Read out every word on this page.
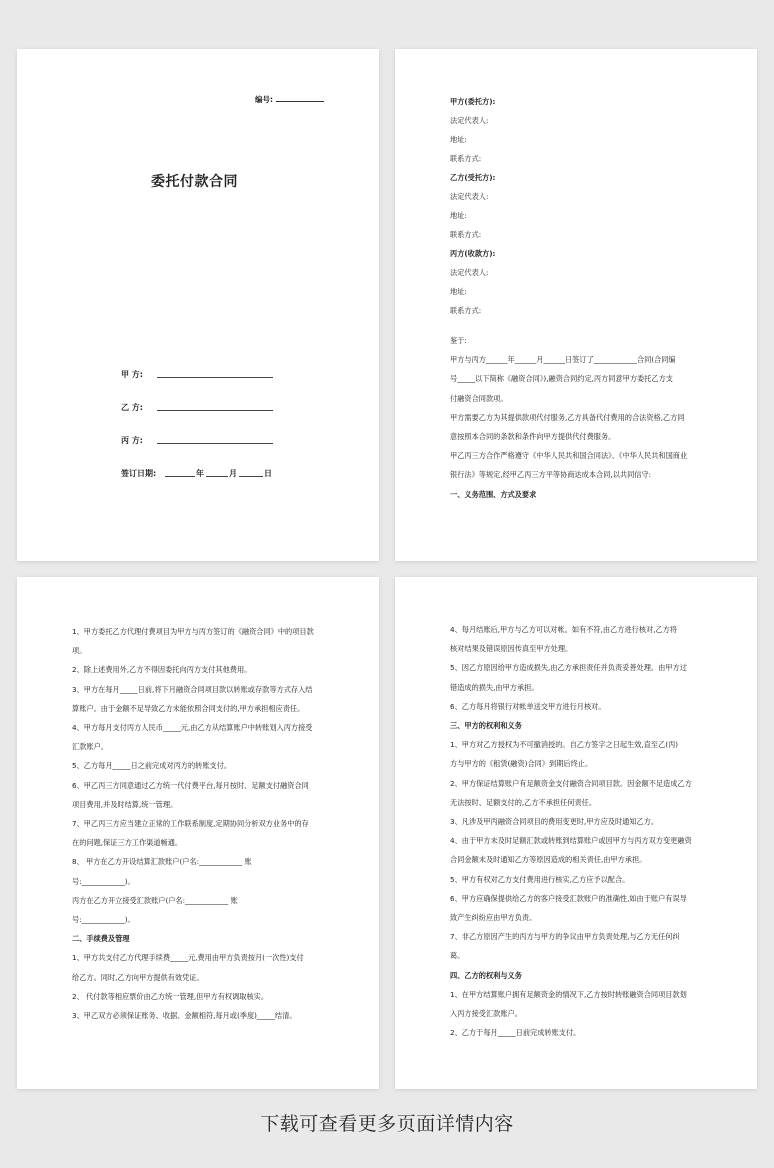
编号:
委托付款合同
甲 方:
乙 方:
丙 方:
签订日期:	年	月	日
甲方(委托方):
法定代表人:
地址:
联系方式:
乙方(受托方):
法定代表人:
地址:
联系方式:
丙方(收款方):
法定代表人:
地址:
联系方式:
鉴于:
甲方与丙方______年______月______日签订了____________合同(合同编
号_____以下简称《融资合同》),融资合同约定,丙方同意甲方委托乙方支
付融资合同款项。
甲方需要乙方为其提供款项代付服务,乙方具备代付费用的合法资格,乙方同
意按照本合同的条款和条件向甲方提供代付费服务。
甲乙丙三方合作严格遵守《中华人民共和国合同法》、《中华人民共和国商业
银行法》等规定,经甲乙丙三方平等协商达成本合同,以共同信守:
一、义务范围、方式及要求
1、甲方委托乙方代理付费项目为甲方与丙方签订的《融资合同》中的项目款
项。
2、除上述费用外,乙方不得因委托向丙方支付其他费用。
3、甲方在每月_____日前,将下月融资合同项目款以转账或存款等方式存入结
算账户。由于金额不足导致乙方未能依照合同支付的,甲方承担相应责任。
4、甲方每月支付丙方人民币_____元,由乙方从结算账户中转账划入丙方接受
汇款账户。
5、乙方每月_____日之前完成对丙方的转账支付。
6、甲乙丙三方同意通过乙方统一代付费平台,每月按时、足额支付融资合同
项目费用,并及时结算,统一管理。
7、甲乙丙三方应当建立正常的工作联系制度,定期协同分析双方业务中的存
在的问题,保证三方工作渠道畅通。
8、 甲方在乙方开设结算汇款账户(户名:____________ 账
号:____________)。
丙方在乙方开立接受汇款账户(户名:____________ 账
号:____________)。
二、手续费及管理
1、甲方共支付乙方代理手续费_____元,费用由甲方负责按月(一次性)支付
给乙方。同时,乙方向甲方提供有效凭证。
2、 代付款等相应票价由乙方统一管理,但甲方有权调取核实。
3、甲乙双方必须保证账务、收据、金额相符,每月或(季度)_____结清。
4、每月结账后,甲方与乙方可以对帐。如有不符,由乙方进行核对,乙方将
核对结果及错误原因传真至甲方处理。
5、因乙方原因给甲方造成损失,由乙方承担责任并负责妥善处理。由甲方过
错造成的损失,由甲方承担。
6、乙方每月将银行对帐单送交甲方进行月核对。
三、甲方的权利和义务
1、甲方对乙方授权为不可撤消授的。自乙方签字之日起生效,直至乙(丙)
方与甲方的《租赁(融资)合同》到期后终止。
2、甲方保证结算账户有足额资金支付融资合同项目款。因金额不足造成乙方
无法按时、足额支付的,乙方不承担任何责任。
3、凡涉及甲丙融资合同项目的费用变更时,甲方应及时通知乙方。
4、由于甲方未及时足额汇款或转账到结算账户或因甲方与丙方双方变更融资
合同金额未及时通知乙方等原因造成的相关责任,由甲方承担。
5、甲方有权对乙方支付费用进行核实,乙方应予以配合。
6、甲方应确保提供给乙方的客户接受汇款账户的准确性,如由于账户有误导
致产生纠纷应由甲方负责。
7、非乙方原因产生的丙方与甲方的争议由甲方负责处理,与乙方无任何纠
葛。
四、乙方的权利与义务
1、在甲方结算账户拥有足额资金的情况下,乙方按时转账融资合同项目款划
入丙方接受汇款账户。
2、乙方于每月_____日前完成转账支付。
下载可查看更多页面详情内容
